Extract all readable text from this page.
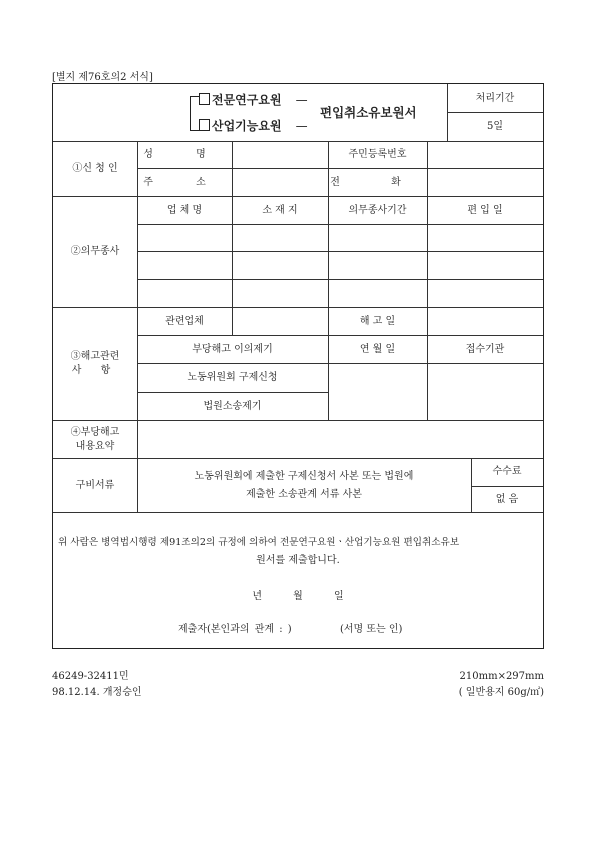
[별지 제76호의2 서식]
전문연구요원 —
산업기능요원 —
편입취소유보원서
처리기간
5일
①신 청 인
성 명	주민등록번호
주 소	전 화
②의무종사
업 체 명	소 재 지	의무종사기간	편 입 일
③해고관련
사 항
관련업체	해 고 일
부당해고 이의제기	연 월 일	접수기관
노동위원회 구제신청
법원소송제기
④부당해고
내용요약
구비서류
노동위원회에 제출한 구제신청서 사본 또는 법원에
제출한 소송관계 서류 사본
수수료
없 음
위 사람은 병역법시행령 제91조의2의 규정에 의하여 전문연구요원ㆍ산업기능요원 편입취소유보
원서를 제출합니다.
년 월 일
제출자(본인과의 관계 : )	(서명 또는 인)
46249-32411민
98.12.14. 개정승인
210mm×297mm
( 일반용지 60g/㎡)
